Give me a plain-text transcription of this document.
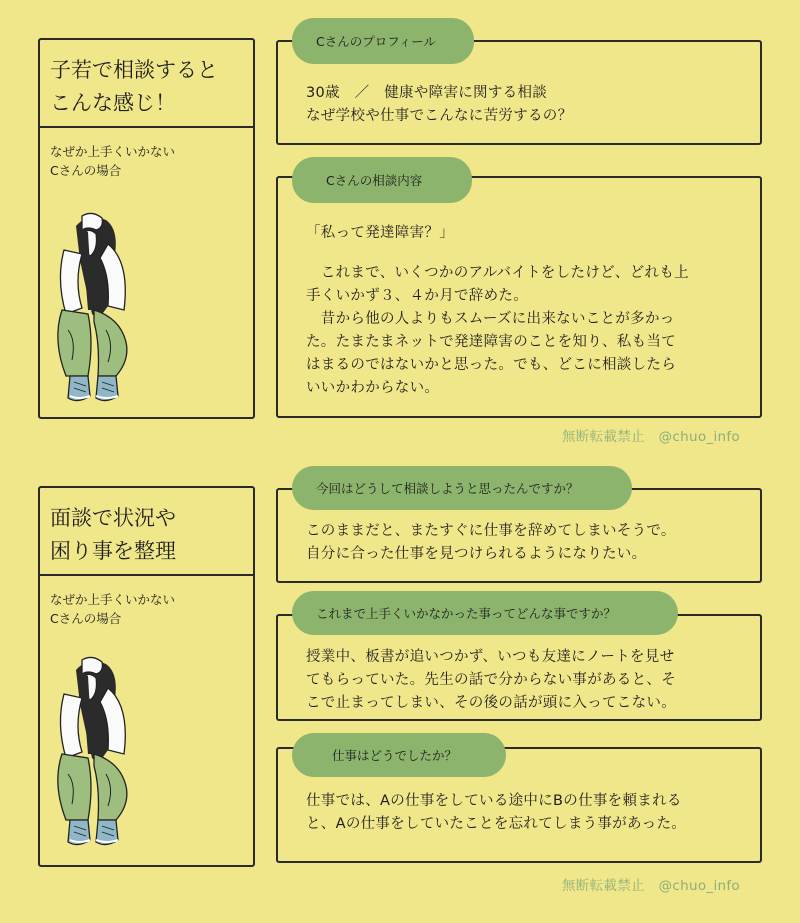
子若で相談すると
こんな感じ！
なぜか上手くいかない
Cさんの場合
Cさんのプロフィール

30歳　／　健康や障害に関する相談

なぜ学校や仕事でこんなに苦労するの？

Cさんの相談内容

「私って発達障害？」

　これまで、いくつかのアルバイトをしたけど、どれも上

手くいかず３、４か月で辞めた。

　昔から他の人よりもスムーズに出来ないことが多かっ

た。たまたまネットで発達障害のことを知り、私も当て

はまるのではないかと思った。でも、どこに相談したら

いいかわからない。

無断転載禁止　@chuo_info
面談で状況や
困り事を整理
なぜか上手くいかない
Cさんの場合
今回はどうして相談しようと思ったんですか？

このままだと、またすぐに仕事を辞めてしまいそうで。

自分に合った仕事を見つけられるようになりたい。

これまで上手くいかなかった事ってどんな事ですか？

授業中、板書が追いつかず、いつも友達にノートを見せ

てもらっていた。先生の話で分からない事があると、そ

こで止まってしまい、その後の話が頭に入ってこない。

仕事はどうでしたか？

仕事では、Aの仕事をしている途中にBの仕事を頼まれる

と、Aの仕事をしていたことを忘れてしまう事があった。

無断転載禁止　@chuo_info
